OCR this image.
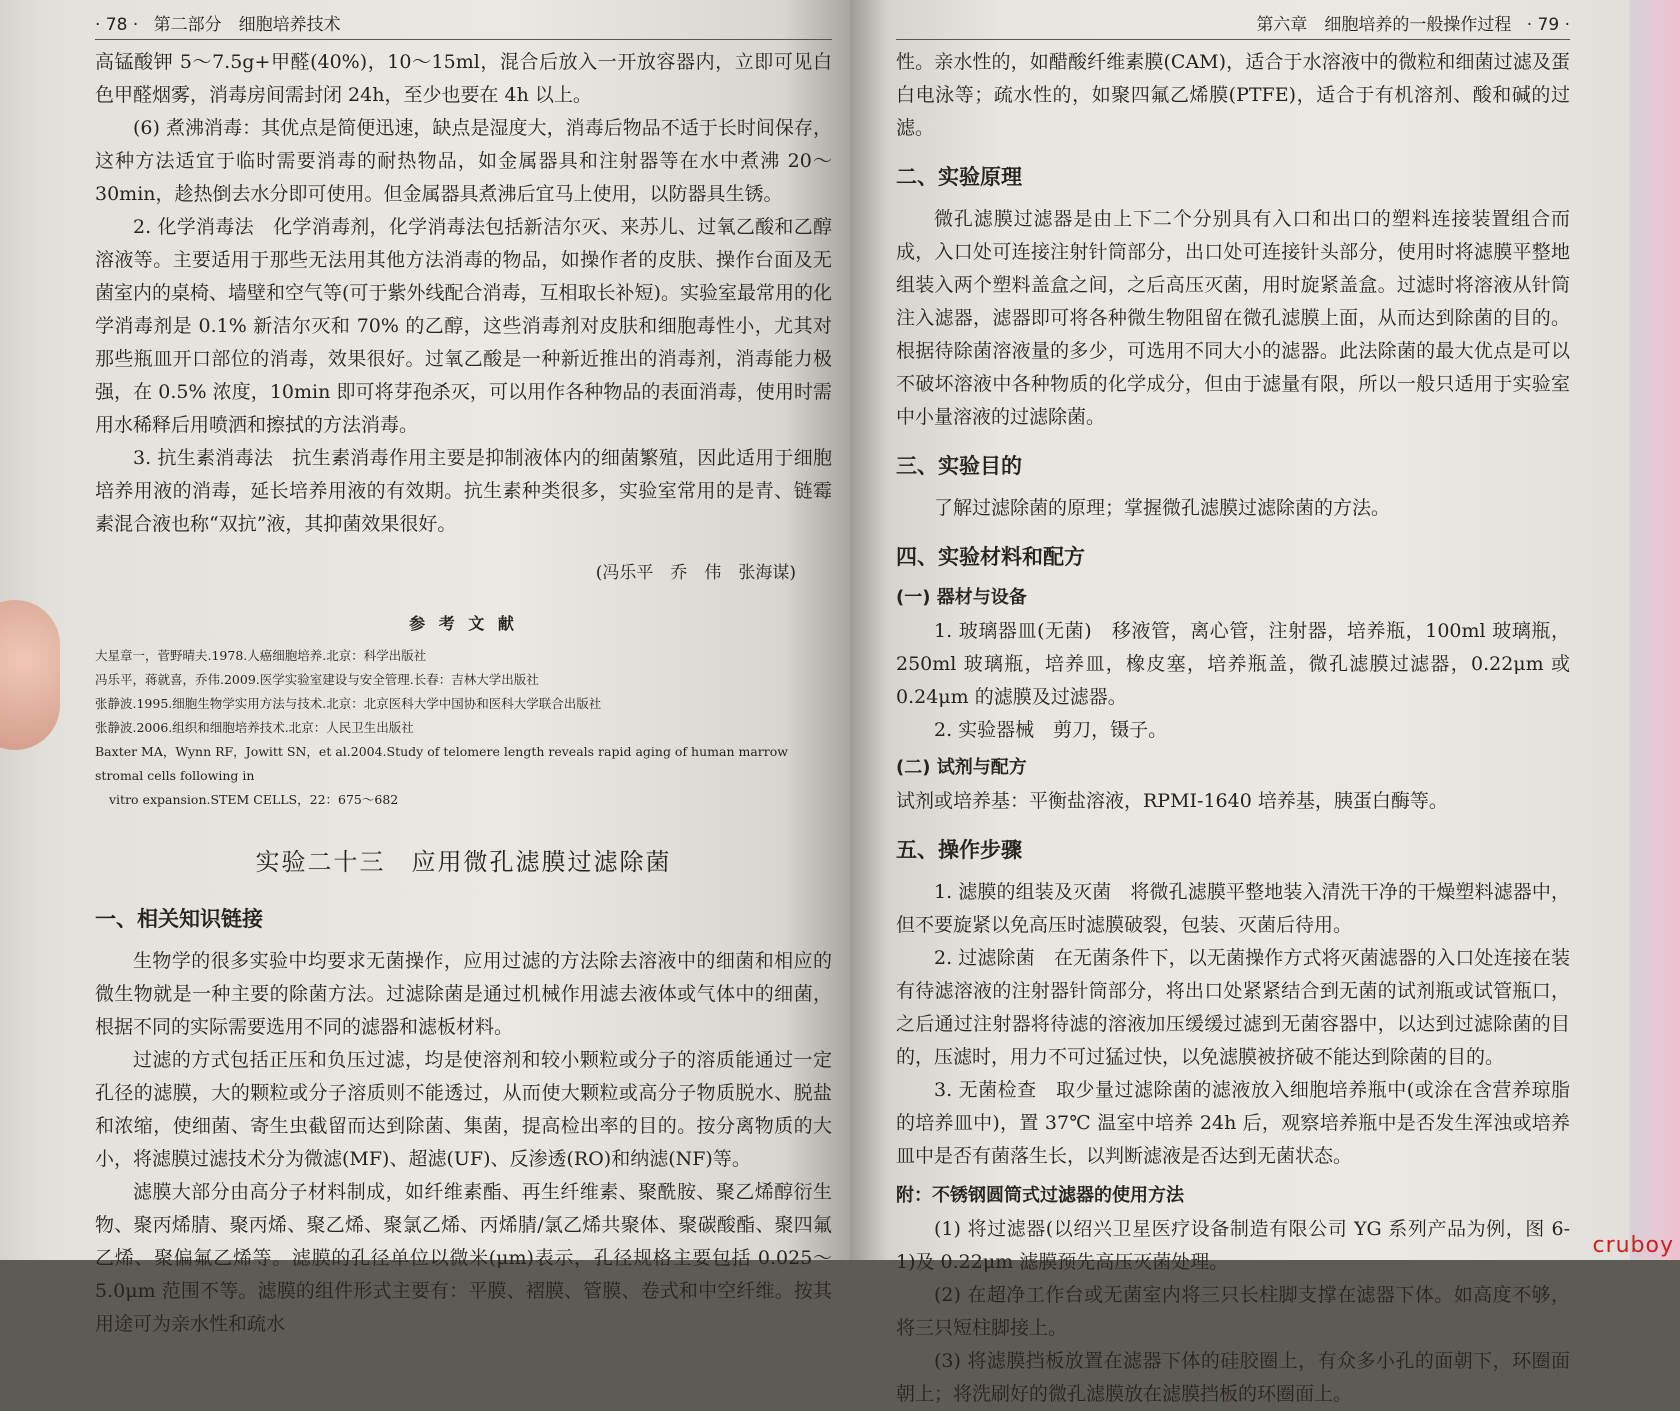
· 78 · 第二部分　细胞培养技术

高锰酸钾 5～7.5g+甲醛(40%)，10～15ml，混合后放入一开放容器内，立即可见白色甲醛烟雾，消毒房间需封闭 24h，至少也要在 4h 以上。

(6) 煮沸消毒：其优点是简便迅速，缺点是湿度大，消毒后物品不适于长时间保存，这种方法适宜于临时需要消毒的耐热物品，如金属器具和注射器等在水中煮沸 20～30min，趁热倒去水分即可使用。但金属器具煮沸后宜马上使用，以防器具生锈。

2. 化学消毒法　化学消毒剂，化学消毒法包括新洁尔灭、来苏儿、过氧乙酸和乙醇溶液等。主要适用于那些无法用其他方法消毒的物品，如操作者的皮肤、操作台面及无菌室内的桌椅、墙壁和空气等(可于紫外线配合消毒，互相取长补短)。实验室最常用的化学消毒剂是 0.1% 新洁尔灭和 70% 的乙醇，这些消毒剂对皮肤和细胞毒性小，尤其对那些瓶皿开口部位的消毒，效果很好。过氧乙酸是一种新近推出的消毒剂，消毒能力极强，在 0.5% 浓度，10min 即可将芽孢杀灭，可以用作各种物品的表面消毒，使用时需用水稀释后用喷洒和擦拭的方法消毒。

3. 抗生素消毒法　抗生素消毒作用主要是抑制液体内的细菌繁殖，因此适用于细胞培养用液的消毒，延长培养用液的有效期。抗生素种类很多，实验室常用的是青、链霉素混合液也称“双抗”液，其抑菌效果很好。

(冯乐平　乔　伟　张海谋)
参 考 文 献

大星章一，菅野晴夫.1978.人癌细胞培养.北京：科学出版社

冯乐平，蒋就喜，乔伟.2009.医学实验室建设与安全管理.长春：吉林大学出版社

张静波.1995.细胞生物学实用方法与技术.北京：北京医科大学中国协和医科大学联合出版社

张静波.2006.组织和细胞培养技术.北京：人民卫生出版社

Baxter MA，Wynn RF，Jowitt SN，et al.2004.Study of telomere length reveals rapid aging of human marrow stromal cells following in

vitro expansion.STEM CELLS，22：675～682

实验二十三　应用微孔滤膜过滤除菌
一、相关知识链接

生物学的很多实验中均要求无菌操作，应用过滤的方法除去溶液中的细菌和相应的微生物就是一种主要的除菌方法。过滤除菌是通过机械作用滤去液体或气体中的细菌，根据不同的实际需要选用不同的滤器和滤板材料。

过滤的方式包括正压和负压过滤，均是使溶剂和较小颗粒或分子的溶质能通过一定孔径的滤膜，大的颗粒或分子溶质则不能透过，从而使大颗粒或高分子物质脱水、脱盐和浓缩，使细菌、寄生虫截留而达到除菌、集菌，提高检出率的目的。按分离物质的大小，将滤膜过滤技术分为微滤(MF)、超滤(UF)、反渗透(RO)和纳滤(NF)等。

滤膜大部分由高分子材料制成，如纤维素酯、再生纤维素、聚酰胺、聚乙烯醇衍生物、聚丙烯腈、聚丙烯、聚乙烯、聚氯乙烯、丙烯腈/氯乙烯共聚体、聚碳酸酯、聚四氟乙烯、聚偏氟乙烯等。滤膜的孔径单位以微米(μm)表示，孔径规格主要包括 0.025～5.0μm 范围不等。滤膜的组件形式主要有：平膜、褶膜、管膜、卷式和中空纤维。按其用途可为亲水性和疏水

第六章　细胞培养的一般操作过程 · 79 ·

性。亲水性的，如醋酸纤维素膜(CAM)，适合于水溶液中的微粒和细菌过滤及蛋白电泳等；疏水性的，如聚四氟乙烯膜(PTFE)，适合于有机溶剂、酸和碱的过滤。

二、实验原理

微孔滤膜过滤器是由上下二个分别具有入口和出口的塑料连接装置组合而成，入口处可连接注射针筒部分，出口处可连接针头部分，使用时将滤膜平整地组装入两个塑料盖盒之间，之后高压灭菌，用时旋紧盖盒。过滤时将溶液从针筒注入滤器，滤器即可将各种微生物阻留在微孔滤膜上面，从而达到除菌的目的。根据待除菌溶液量的多少，可选用不同大小的滤器。此法除菌的最大优点是可以不破坏溶液中各种物质的化学成分，但由于滤量有限，所以一般只适用于实验室中小量溶液的过滤除菌。

三、实验目的

了解过滤除菌的原理；掌握微孔滤膜过滤除菌的方法。

四、实验材料和配方
(一) 器材与设备

1. 玻璃器皿(无菌)　移液管，离心管，注射器，培养瓶，100ml 玻璃瓶，250ml 玻璃瓶，培养皿，橡皮塞，培养瓶盖，微孔滤膜过滤器，0.22μm 或 0.24μm 的滤膜及过滤器。

2. 实验器械　剪刀，镊子。

(二) 试剂与配方

试剂或培养基：平衡盐溶液，RPMI-1640 培养基，胰蛋白酶等。

五、操作步骤

1. 滤膜的组装及灭菌　将微孔滤膜平整地装入清洗干净的干燥塑料滤器中，但不要旋紧以免高压时滤膜破裂，包装、灭菌后待用。

2. 过滤除菌　在无菌条件下，以无菌操作方式将灭菌滤器的入口处连接在装有待滤溶液的注射器针筒部分，将出口处紧紧结合到无菌的试剂瓶或试管瓶口，之后通过注射器将待滤的溶液加压缓缓过滤到无菌容器中，以达到过滤除菌的目的，压滤时，用力不可过猛过快，以免滤膜被挤破不能达到除菌的目的。

3. 无菌检查　取少量过滤除菌的滤液放入细胞培养瓶中(或涂在含营养琼脂的培养皿中)，置 37℃ 温室中培养 24h 后，观察培养瓶中是否发生浑浊或培养皿中是否有菌落生长，以判断滤液是否达到无菌状态。

附：不锈钢圆筒式过滤器的使用方法

(1) 将过滤器(以绍兴卫星医疗设备制造有限公司 YG 系列产品为例，图 6-1)及 0.22μm 滤膜预先高压灭菌处理。

(2) 在超净工作台或无菌室内将三只长柱脚支撑在滤器下体。如高度不够，将三只短柱脚接上。

(3) 将滤膜挡板放置在滤器下体的硅胶圈上，有众多小孔的面朝下，环圈面朝上；将洗刷好的微孔滤膜放在滤膜挡板的环圈面上。

cruboy
